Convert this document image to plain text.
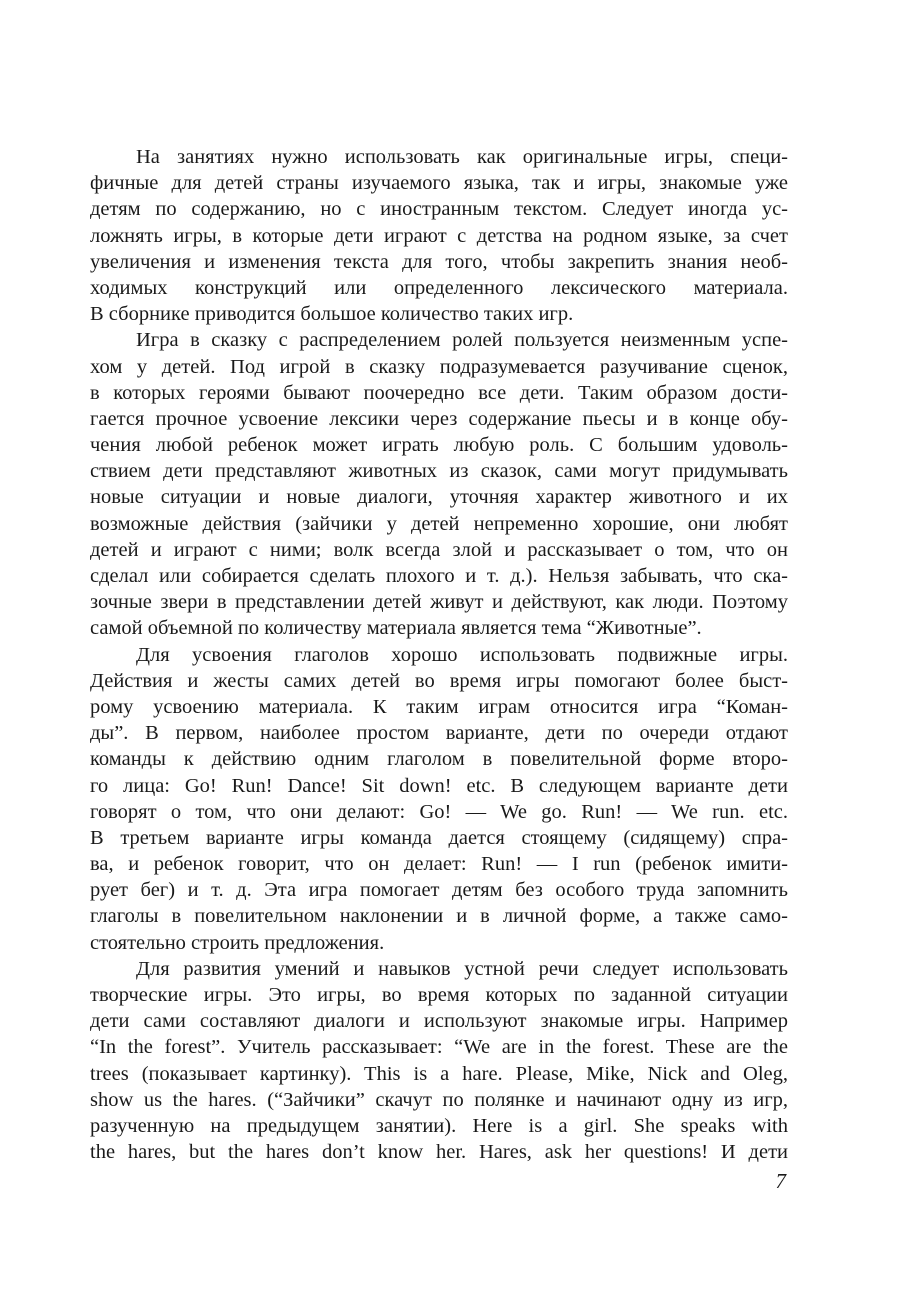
На занятиях нужно использовать как оригинальные игры, специ-
фичные для детей страны изучаемого языка, так и игры, знакомые уже
детям по содержанию, но с иностранным текстом. Следует иногда ус-
ложнять игры, в которые дети играют с детства на родном языке, за счет
увеличения и изменения текста для того, чтобы закрепить знания необ-
ходимых конструкций или определенного лексического материала.
В сборнике приводится большое количество таких игр.
Игра в сказку с распределением ролей пользуется неизменным успе-
хом у детей. Под игрой в сказку подразумевается разучивание сценок,
в которых героями бывают поочередно все дети. Таким образом дости-
гается прочное усвоение лексики через содержание пьесы и в конце обу-
чения любой ребенок может играть любую роль. С большим удоволь-
ствием дети представляют животных из сказок, сами могут придумывать
новые ситуации и новые диалоги, уточняя характер животного и их
возможные действия (зайчики у детей непременно хорошие, они любят
детей и играют с ними; волк всегда злой и рассказывает о том, что он
сделал или собирается сделать плохого и т. д.). Нельзя забывать, что ска-
зочные звери в представлении детей живут и действуют, как люди. Поэтому
самой объемной по количеству материала является тема “Животные”.
Для усвоения глаголов хорошо использовать подвижные игры.
Действия и жесты самих детей во время игры помогают более быст-
рому усвоению материала. К таким играм относится игра “Коман-
ды”. В первом, наиболее простом варианте, дети по очереди отдают
команды к действию одним глаголом в повелительной форме второ-
го лица: Go! Run! Dance! Sit down! etc. В следующем варианте дети
говорят о том, что они делают: Go! — We go. Run! — We run. etc.
В третьем варианте игры команда дается стоящему (сидящему) спра-
ва, и ребенок говорит, что он делает: Run! — I run (ребенок имити-
рует бег) и т. д. Эта игра помогает детям без особого труда запомнить
глаголы в повелительном наклонении и в личной форме, а также само-
стоятельно строить предложения.
Для развития умений и навыков устной речи следует использовать
творческие игры. Это игры, во время которых по заданной ситуации
дети сами составляют диалоги и используют знакомые игры. Например
“In the forest”. Учитель рассказывает: “We are in the forest. These are the
trees (показывает картинку). This is a hare. Please, Mike, Nick and Oleg,
show us the hares. (“Зайчики” скачут по полянке и начинают одну из игр,
разученную на предыдущем занятии). Here is a girl. She speaks with
the hares, but the hares don’t know her. Hares, ask her questions! И дети
7
